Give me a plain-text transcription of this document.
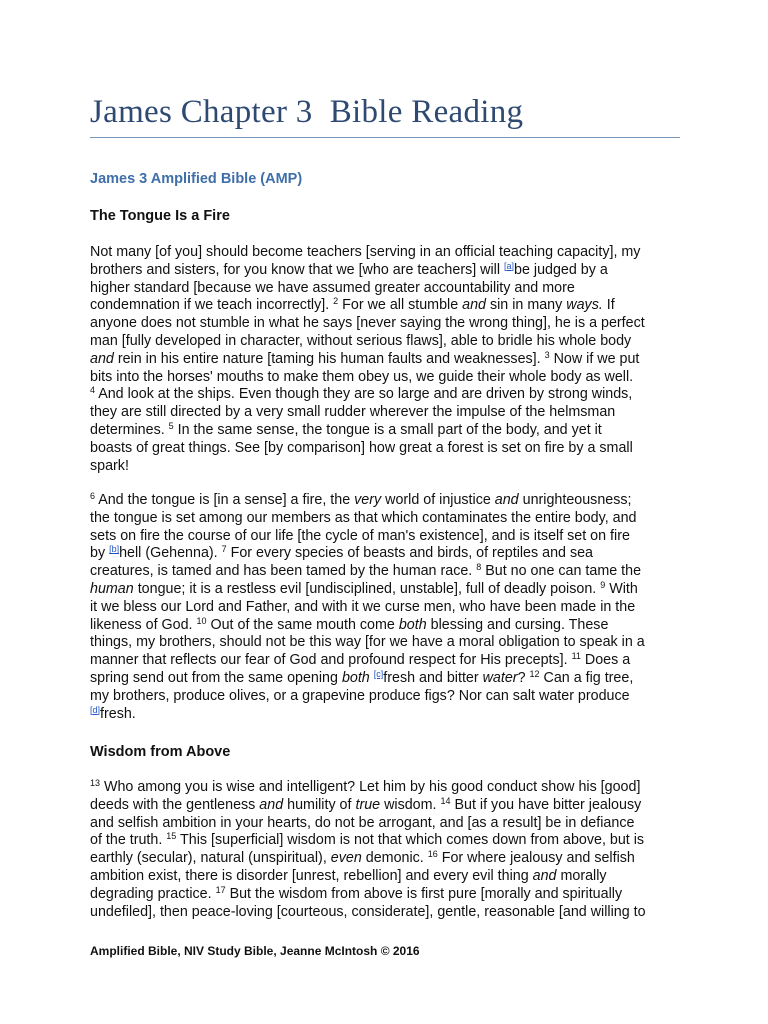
James Chapter 3  Bible Reading
James 3 Amplified Bible (AMP)
The Tongue Is a Fire

Not many [of you] should become teachers [serving in an official teaching capacity], my
brothers and sisters, for you know that we [who are teachers] will [a]be judged by a
higher standard [because we have assumed greater accountability and more
condemnation if we teach incorrectly]. $^2$ For we all stumble and sin in many ways. If
anyone does not stumble in what he says [never saying the wrong thing], he is a perfect
man [fully developed in character, without serious flaws], able to bridle his whole body
and rein in his entire nature [taming his human faults and weaknesses]. $^3$ Now if we put
bits into the horses' mouths to make them obey us, we guide their whole body as well.
$^4$ And look at the ships. Even though they are so large and are driven by strong winds,
they are still directed by a very small rudder wherever the impulse of the helmsman
determines. $^5$ In the same sense, the tongue is a small part of the body, and yet it
boasts of great things. See [by comparison] how great a forest is set on fire by a small
spark!

$^6$ And the tongue is [in a sense] a fire, the very world of injustice and unrighteousness;
the tongue is set among our members as that which contaminates the entire body, and
sets on fire the course of our life [the cycle of man's existence], and is itself set on fire
by [b]hell (Gehenna). $^7$ For every species of beasts and birds, of reptiles and sea
creatures, is tamed and has been tamed by the human race. $^8$ But no one can tame the
human tongue; it is a restless evil [undisciplined, unstable], full of deadly poison. $^9$ With
it we bless our Lord and Father, and with it we curse men, who have been made in the
likeness of God. $^{10}$ Out of the same mouth come both blessing and cursing. These
things, my brothers, should not be this way [for we have a moral obligation to speak in a
manner that reflects our fear of God and profound respect for His precepts]. $^{11}$ Does a
spring send out from the same opening both [c]fresh and bitter water? $^{12}$ Can a fig tree,
my brothers, produce olives, or a grapevine produce figs? Nor can salt water produce
[d]fresh.

Wisdom from Above

$^{13}$ Who among you is wise and intelligent? Let him by his good conduct show his [good]
deeds with the gentleness and humility of true wisdom. $^{14}$ But if you have bitter jealousy
and selfish ambition in your hearts, do not be arrogant, and [as a result] be in defiance
of the truth. $^{15}$ This [superficial] wisdom is not that which comes down from above, but is
earthly (secular), natural (unspiritual), even demonic. $^{16}$ For where jealousy and selfish
ambition exist, there is disorder [unrest, rebellion] and every evil thing and morally
degrading practice. $^{17}$ But the wisdom from above is first pure [morally and spiritually
undefiled], then peace-loving [courteous, considerate], gentle, reasonable [and willing to

Amplified Bible, NIV Study Bible, Jeanne McIntosh © 2016
